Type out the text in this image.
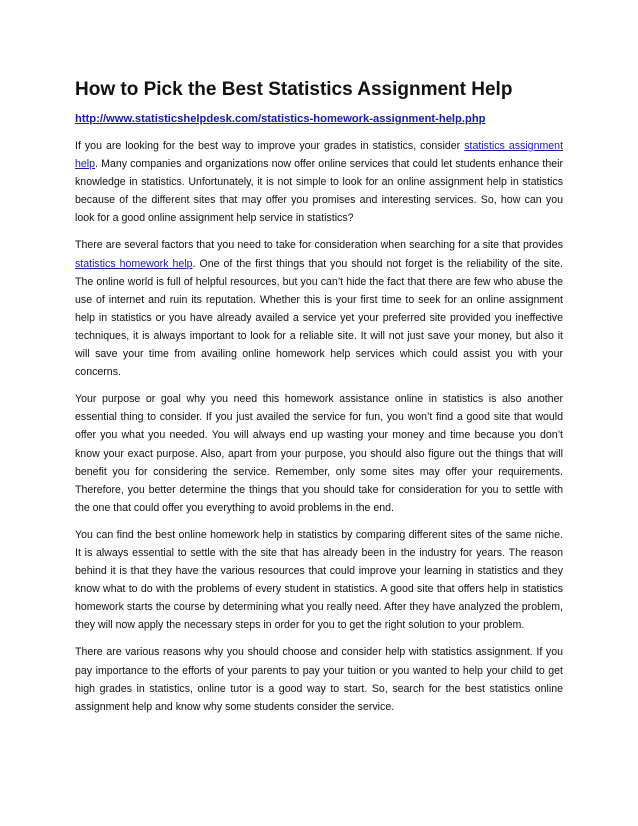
How to Pick the Best Statistics Assignment Help
http://www.statisticshelpdesk.com/statistics-homework-assignment-help.php

If you are looking for the best way to improve your grades in statistics, consider statistics assignment help. Many companies and organizations now offer online services that could let students enhance their knowledge in statistics. Unfortunately, it is not simple to look for an online assignment help in statistics because of the different sites that may offer you promises and interesting services. So, how can you look for a good online assignment help service in statistics?

There are several factors that you need to take for consideration when searching for a site that provides statistics homework help. One of the first things that you should not forget is the reliability of the site. The online world is full of helpful resources, but you can’t hide the fact that there are few who abuse the use of internet and ruin its reputation. Whether this is your first time to seek for an online assignment help in statistics or you have already availed a service yet your preferred site provided you ineffective techniques, it is always important to look for a reliable site. It will not just save your money, but also it will save your time from availing online homework help services which could assist you with your concerns.

Your purpose or goal why you need this homework assistance online in statistics is also another essential thing to consider. If you just availed the service for fun, you won’t find a good site that would offer you what you needed. You will always end up wasting your money and time because you don’t know your exact purpose. Also, apart from your purpose, you should also figure out the things that will benefit you for considering the service. Remember, only some sites may offer your requirements. Therefore, you better determine the things that you should take for consideration for you to settle with the one that could offer you everything to avoid problems in the end.

You can find the best online homework help in statistics by comparing different sites of the same niche. It is always essential to settle with the site that has already been in the industry for years. The reason behind it is that they have the various resources that could improve your learning in statistics and they know what to do with the problems of every student in statistics. A good site that offers help in statistics homework starts the course by determining what you really need. After they have analyzed the problem, they will now apply the necessary steps in order for you to get the right solution to your problem.

There are various reasons why you should choose and consider help with statistics assignment. If you pay importance to the efforts of your parents to pay your tuition or you wanted to help your child to get high grades in statistics, online tutor is a good way to start. So, search for the best statistics online assignment help and know why some students consider the service.
